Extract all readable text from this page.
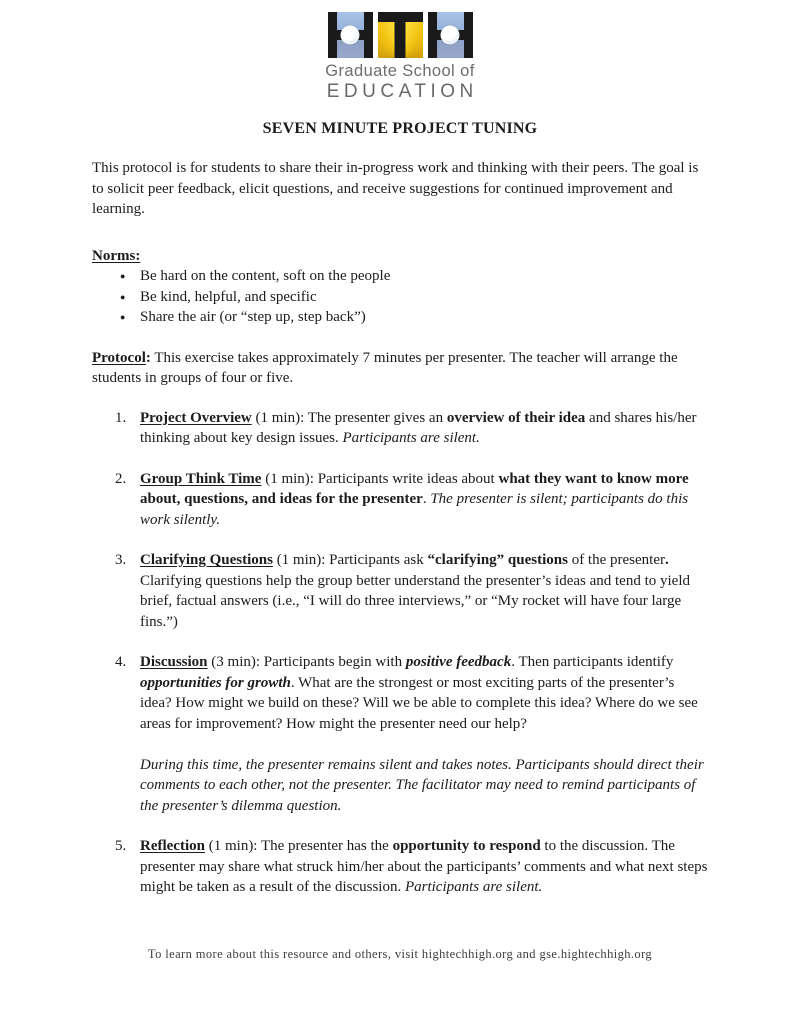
Graduate School of
EDUCATION
SEVEN MINUTE PROJECT TUNING

This protocol is for students to share their in-progress work and thinking with their peers. The goal is to solicit peer feedback, elicit questions, and receive suggestions for continued improvement and learning.

Norms:

● Be hard on the content, soft on the people
● Be kind, helpful, and specific
● Share the air (or “step up, step back”)

Protocol: This exercise takes approximately 7 minutes per presenter. The teacher will arrange the students in groups of four or five.

1. Project Overview (1 min): The presenter gives an overview of their idea and shares his/her thinking about key design issues. Participants are silent.

2. Group Think Time (1 min): Participants write ideas about what they want to know more about, questions, and ideas for the presenter. The presenter is silent; participants do this work silently.

3. Clarifying Questions (1 min): Participants ask “clarifying” questions of the presenter. Clarifying questions help the group better understand the presenter’s ideas and tend to yield brief, factual answers (i.e., “I will do three interviews,” or “My rocket will have four large fins.”)

4. Discussion (3 min): Participants begin with positive feedback. Then participants identify opportunities for growth. What are the strongest or most exciting parts of the presenter’s idea? How might we build on these? Will we be able to complete this idea? Where do we see areas for improvement? How might the presenter need our help?

During this time, the presenter remains silent and takes notes. Participants should direct their comments to each other, not the presenter. The facilitator may need to remind participants of the presenter’s dilemma question.

5. Reflection (1 min): The presenter has the opportunity to respond to the discussion. The presenter may share what struck him/her about the participants’ comments and what next steps might be taken as a result of the discussion. Participants are silent.

To learn more about this resource and others, visit hightechhigh.org and gse.hightechhigh.org
